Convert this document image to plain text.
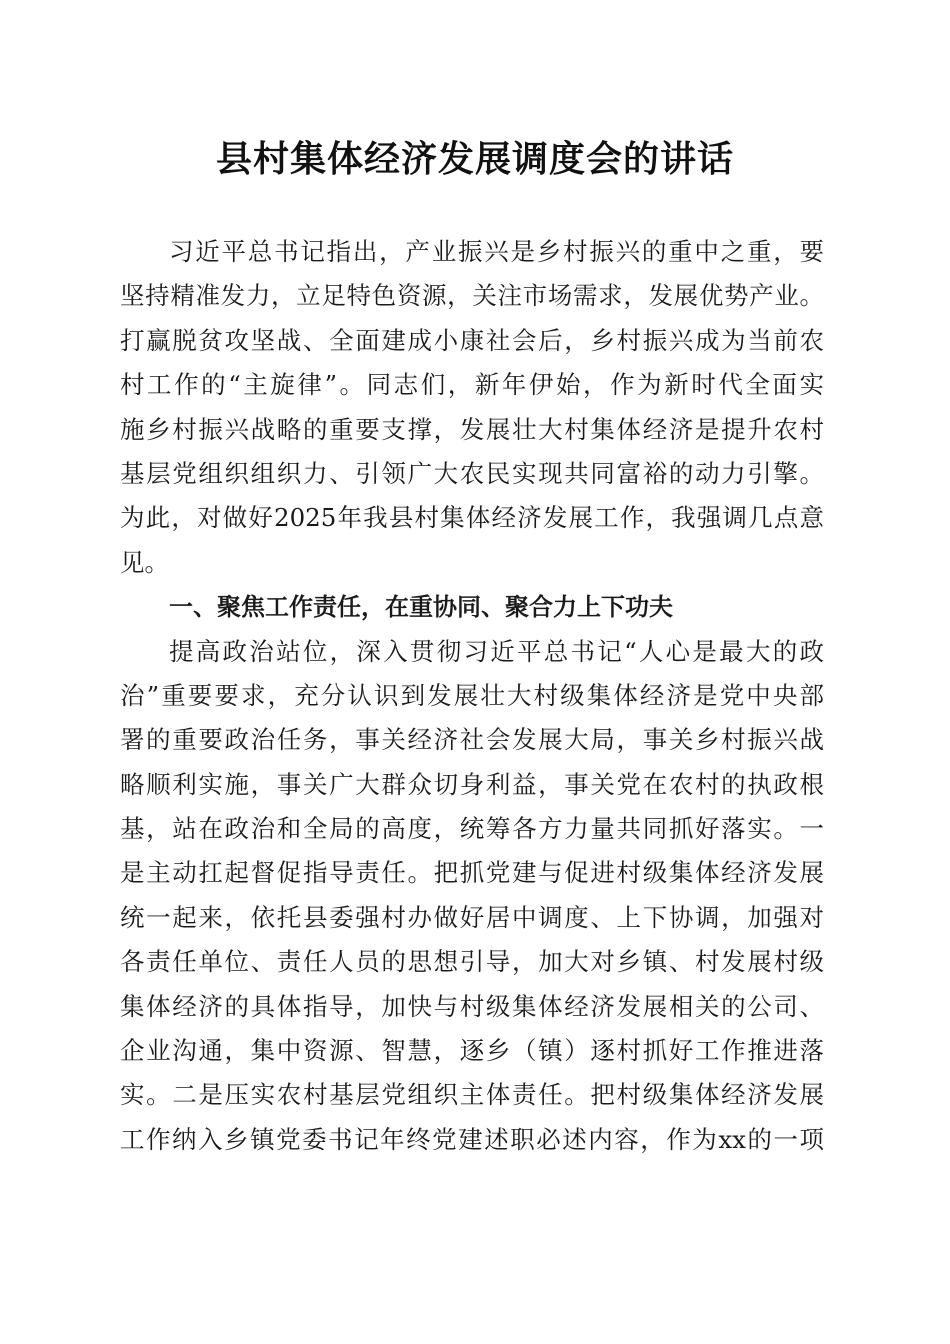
县村集体经济发展调度会的讲话
习近平总书记指出，产业振兴是乡村振兴的重中之重，要
坚持精准发力，立足特色资源，关注市场需求，发展优势产业。
打赢脱贫攻坚战、全面建成小康社会后，乡村振兴成为当前农
村工作的“主旋律”。同志们，新年伊始，作为新时代全面实
施乡村振兴战略的重要支撑，发展壮大村集体经济是提升农村
基层党组织组织力、引领广大农民实现共同富裕的动力引擎。
为此，对做好2025年我县村集体经济发展工作，我强调几点意
见。
一、聚焦工作责任，在重协同、聚合力上下功夫
提高政治站位，深入贯彻习近平总书记“人心是最大的政
治”重要要求，充分认识到发展壮大村级集体经济是党中央部
署的重要政治任务，事关经济社会发展大局，事关乡村振兴战
略顺利实施，事关广大群众切身利益，事关党在农村的执政根
基，站在政治和全局的高度，统筹各方力量共同抓好落实。一
是主动扛起督促指导责任。把抓党建与促进村级集体经济发展
统一起来，依托县委强村办做好居中调度、上下协调，加强对
各责任单位、责任人员的思想引导，加大对乡镇、村发展村级
集体经济的具体指导，加快与村级集体经济发展相关的公司、
企业沟通，集中资源、智慧，逐乡（镇）逐村抓好工作推进落
实。二是压实农村基层党组织主体责任。把村级集体经济发展
工作纳入乡镇党委书记年终党建述职必述内容，作为xx的一项
